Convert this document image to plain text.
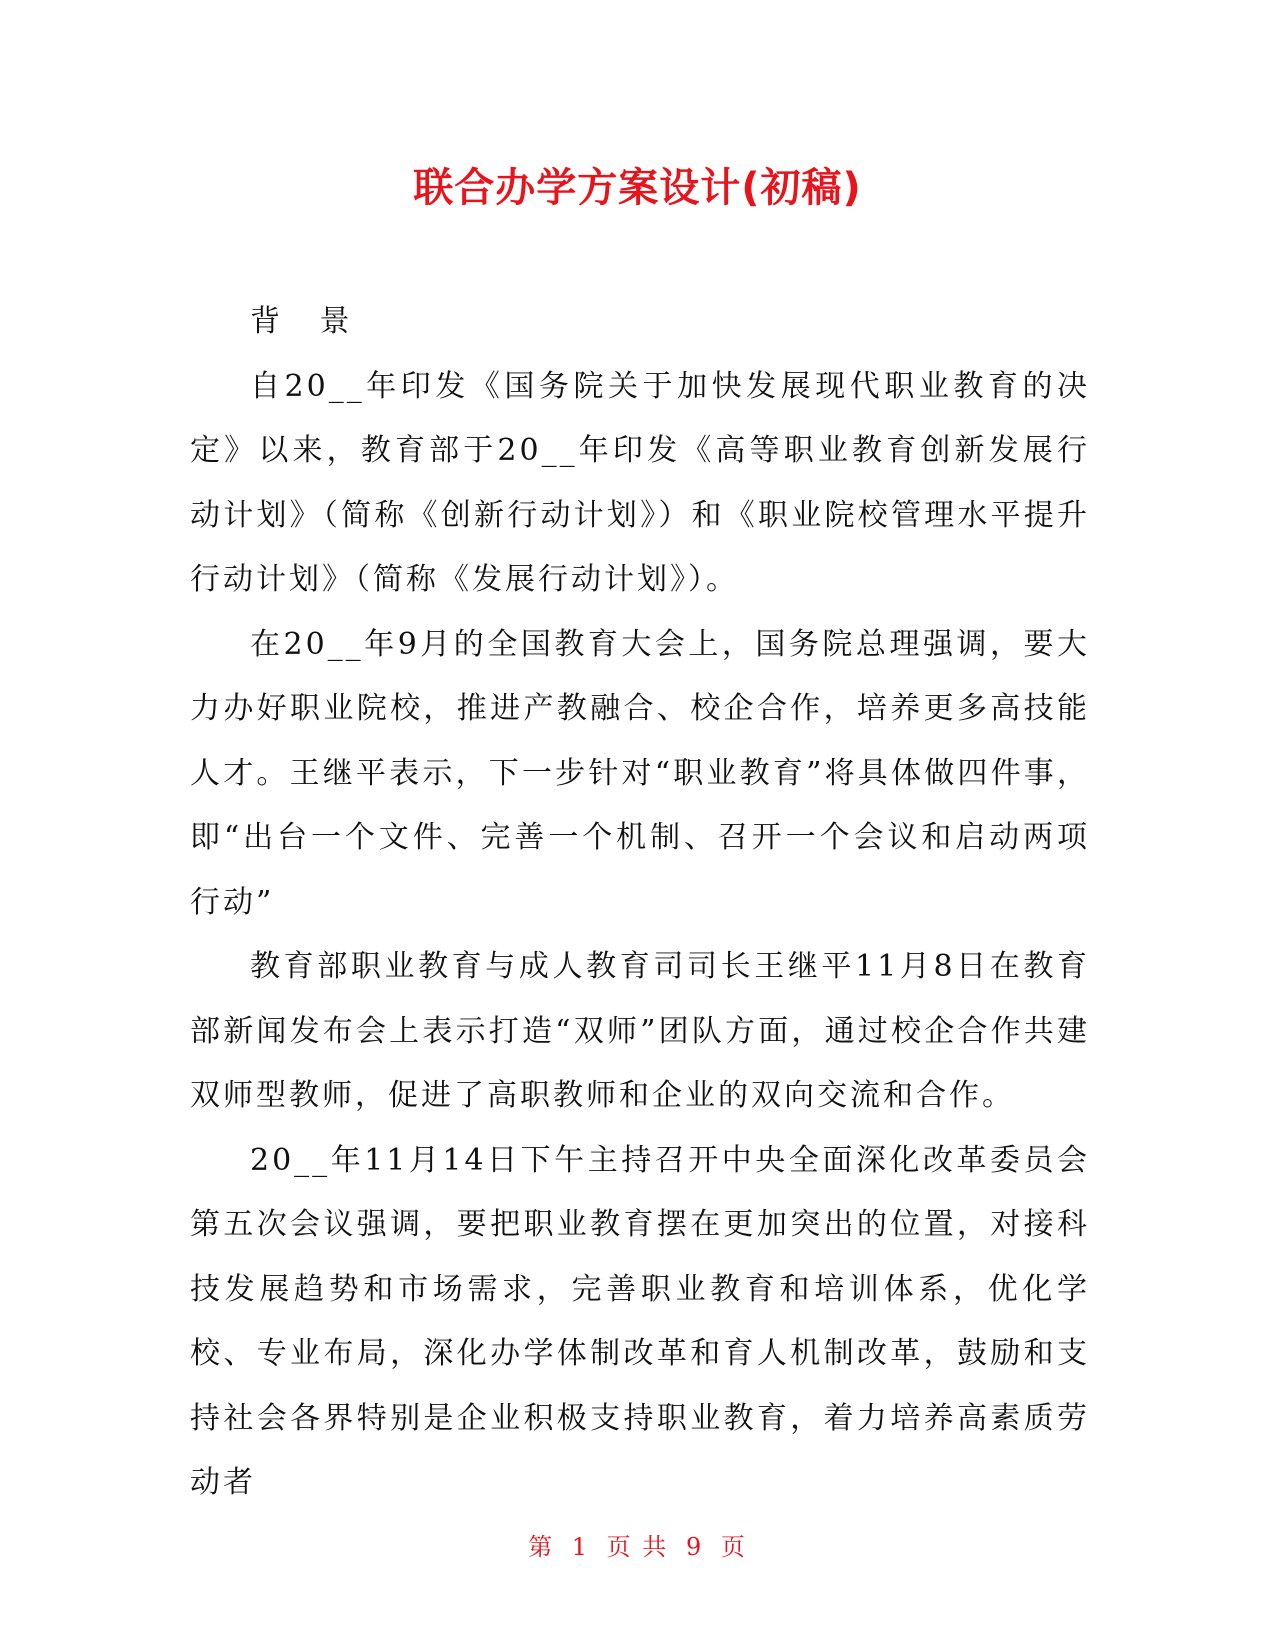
联合办学方案设计(初稿)

背　 景

自20__年印发《国务院关于加快发展现代职业教育的决定》以来，教育部于20__年印发《高等职业教育创新发展行动计划》（简称《创新行动计划》）和《职业院校管理水平提升行动计划》（简称《发展行动计划》）。

在20__年9月的全国教育大会上，国务院总理强调，要大力办好职业院校，推进产教融合、校企合作，培养更多高技能人才。王继平表示，下一步针对“职业教育”将具体做四件事，即“出台一个文件、完善一个机制、召开一个会议和启动两项行动”

教育部职业教育与成人教育司司长王继平11月8日在教育部新闻发布会上表示打造“双师”团队方面，通过校企合作共建双师型教师，促进了高职教师和企业的双向交流和合作。

20__年11月14日下午主持召开中央全面深化改革委员会第五次会议强调，要把职业教育摆在更加突出的位置，对接科技发展趋势和市场需求，完善职业教育和培训体系，优化学校、专业布局，深化办学体制改革和育人机制改革，鼓励和支持社会各界特别是企业积极支持职业教育，着力培养高素质劳动者

第 1 页 共 9 页
